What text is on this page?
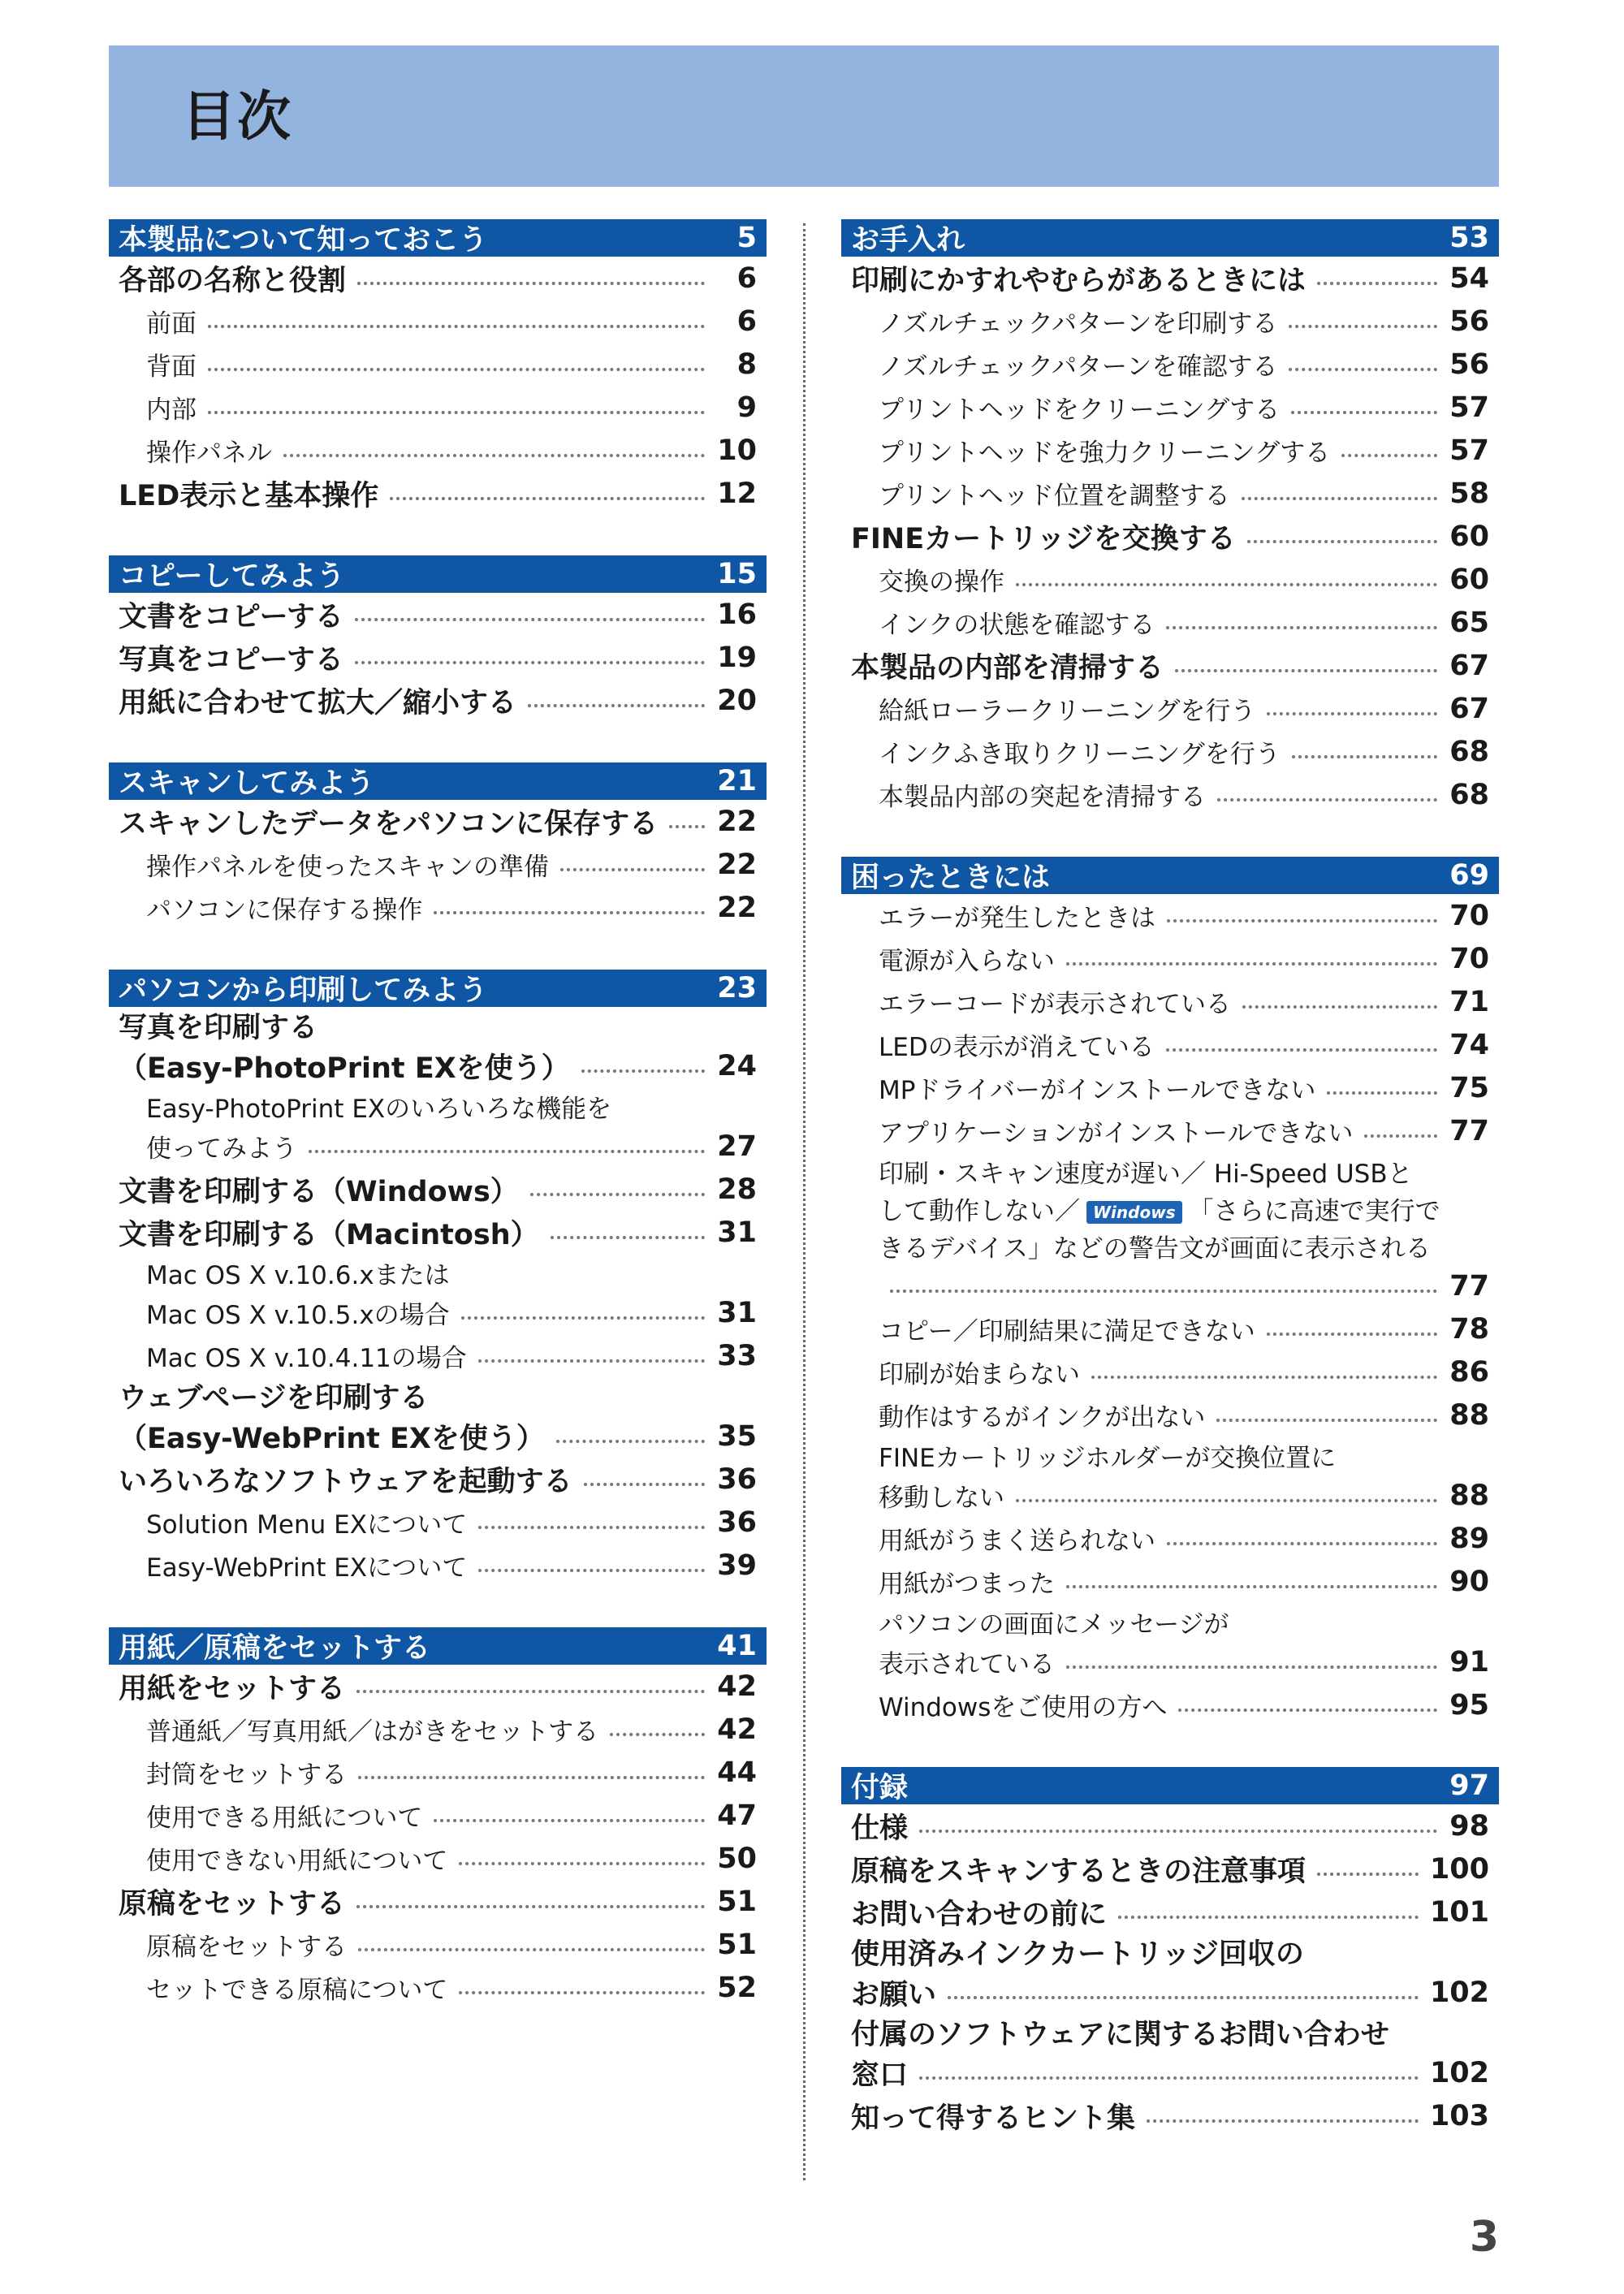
目次
本製品について知っておこう	5
各部の名称と役割	6
前面	6
背面	8
内部	9
操作パネル	10
LED表示と基本操作	12
コピーしてみよう	15
文書をコピーする	16
写真をコピーする	19
用紙に合わせて拡大／縮小する	20
スキャンしてみよう	21
スキャンしたデータをパソコンに保存する 22
操作パネルを使ったスキャンの準備	22
パソコンに保存する操作	22
パソコンから印刷してみよう	23
写真を印刷する
（Easy-PhotoPrint EXを使う）	24
Easy-PhotoPrint EXのいろいろな機能を
使ってみよう	27
文書を印刷する（Windows）	28
文書を印刷する（Macintosh）	31
Mac OS X v.10.6.xまたは
Mac OS X v.10.5.xの場合	31
Mac OS X v.10.4.11の場合	33
ウェブページを印刷する
（Easy-WebPrint EXを使う）	35
いろいろなソフトウェアを起動する	36
Solution Menu EXについて	36
Easy-WebPrint EXについて	39
用紙／原稿をセットする	41
用紙をセットする	42
普通紙／写真用紙／はがきをセットする	42
封筒をセットする	44
使用できる用紙について	47
使用できない用紙について	50
原稿をセットする	51
原稿をセットする	51
セットできる原稿について	52
お手入れ	53
印刷にかすれやむらがあるときには	54
ノズルチェックパターンを印刷する	56
ノズルチェックパターンを確認する	56
プリントヘッドをクリーニングする	57
プリントヘッドを強力クリーニングする	57
プリントヘッド位置を調整する	58
FINEカートリッジを交換する	60
交換の操作	60
インクの状態を確認する	65
本製品の内部を清掃する	67
給紙ローラークリーニングを行う	67
インクふき取りクリーニングを行う	68
本製品内部の突起を清掃する	68
困ったときには	69
エラーが発生したときは	70
電源が入らない	70
エラーコードが表示されている	71
LEDの表示が消えている	74
MPドライバーがインストールできない	75
アプリケーションがインストールできない	77
印刷・スキャン速度が遅い／ Hi-Speed USBと
して動作しない／ Windows 「さらに高速で実行で
きるデバイス」などの警告文が画面に表示される
77
コピー／印刷結果に満足できない	78
印刷が始まらない	86
動作はするがインクが出ない	88
FINEカートリッジホルダーが交換位置に
移動しない	88
用紙がうまく送られない	89
用紙がつまった	90
パソコンの画面にメッセージが
表示されている	91
Windowsをご使用の方へ	95
付録	97
仕様	98
原稿をスキャンするときの注意事項	100
お問い合わせの前に	101
使用済みインクカートリッジ回収の
お願い	102
付属のソフトウェアに関するお問い合わせ
窓口	102
知って得するヒント集	103
3
